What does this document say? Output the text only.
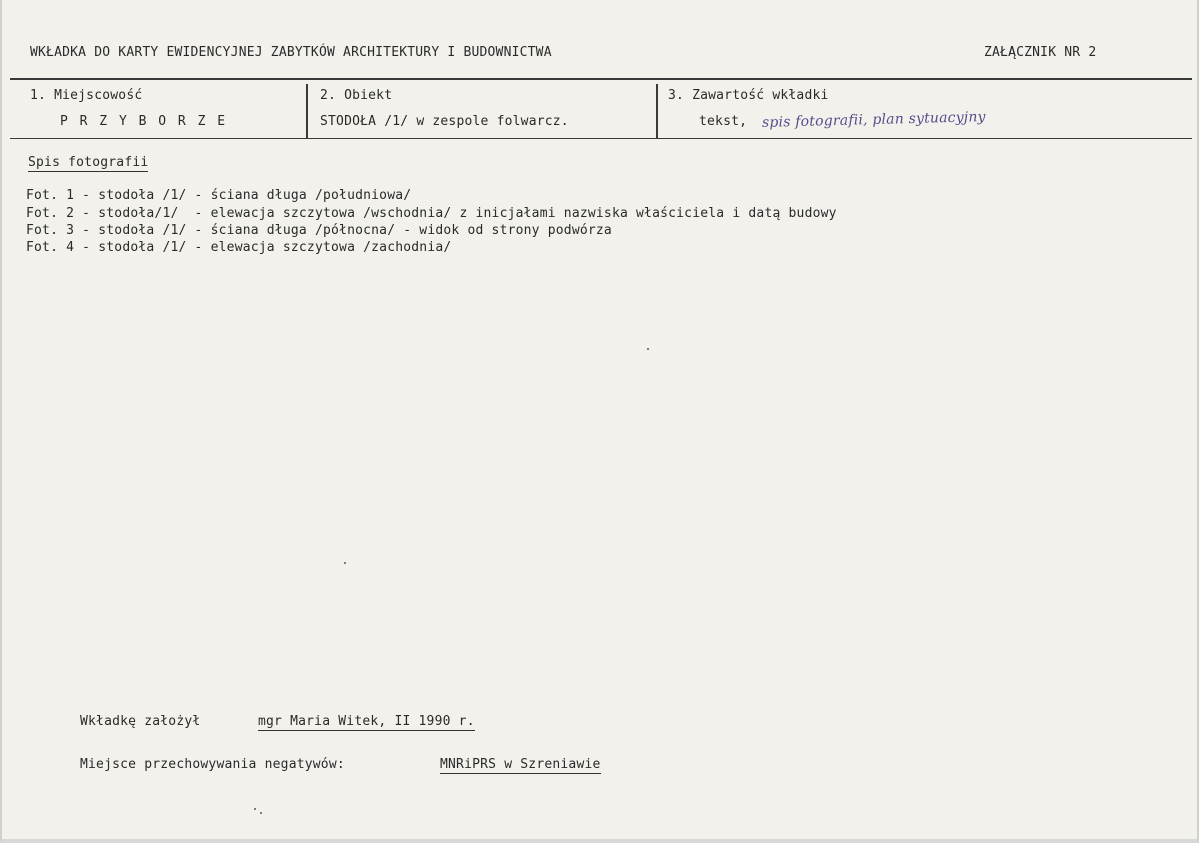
WKŁADKA DO KARTY EWIDENCYJNEJ ZABYTKÓW ARCHITEKTURY I BUDOWNICTWA	ZAŁĄCZNIK NR 2
1. Miejscowość
P R Z Y B O R Z E
2. Obiekt
STODOŁA /1/ w zespole folwarcz.
3. Zawartość wkładki
tekst, spis fotografii, plan sytuacyjny
Spis fotografii
Fot. 1 - stodoła /1/ - ściana długa /południowa/
Fot. 2 - stodoła/1/  - elewacja szczytowa /wschodnia/ z inicjałami nazwiska właściciela i datą budowy
Fot. 3 - stodoła /1/ - ściana długa /północna/ - widok od strony podwórza
Fot. 4 - stodoła /1/ - elewacja szczytowa /zachodnia/
Wkładkę założył	mgr Maria Witek, II 1990 r.
Miejsce przechowywania negatywów:	MNRiPRS w Szreniawie
